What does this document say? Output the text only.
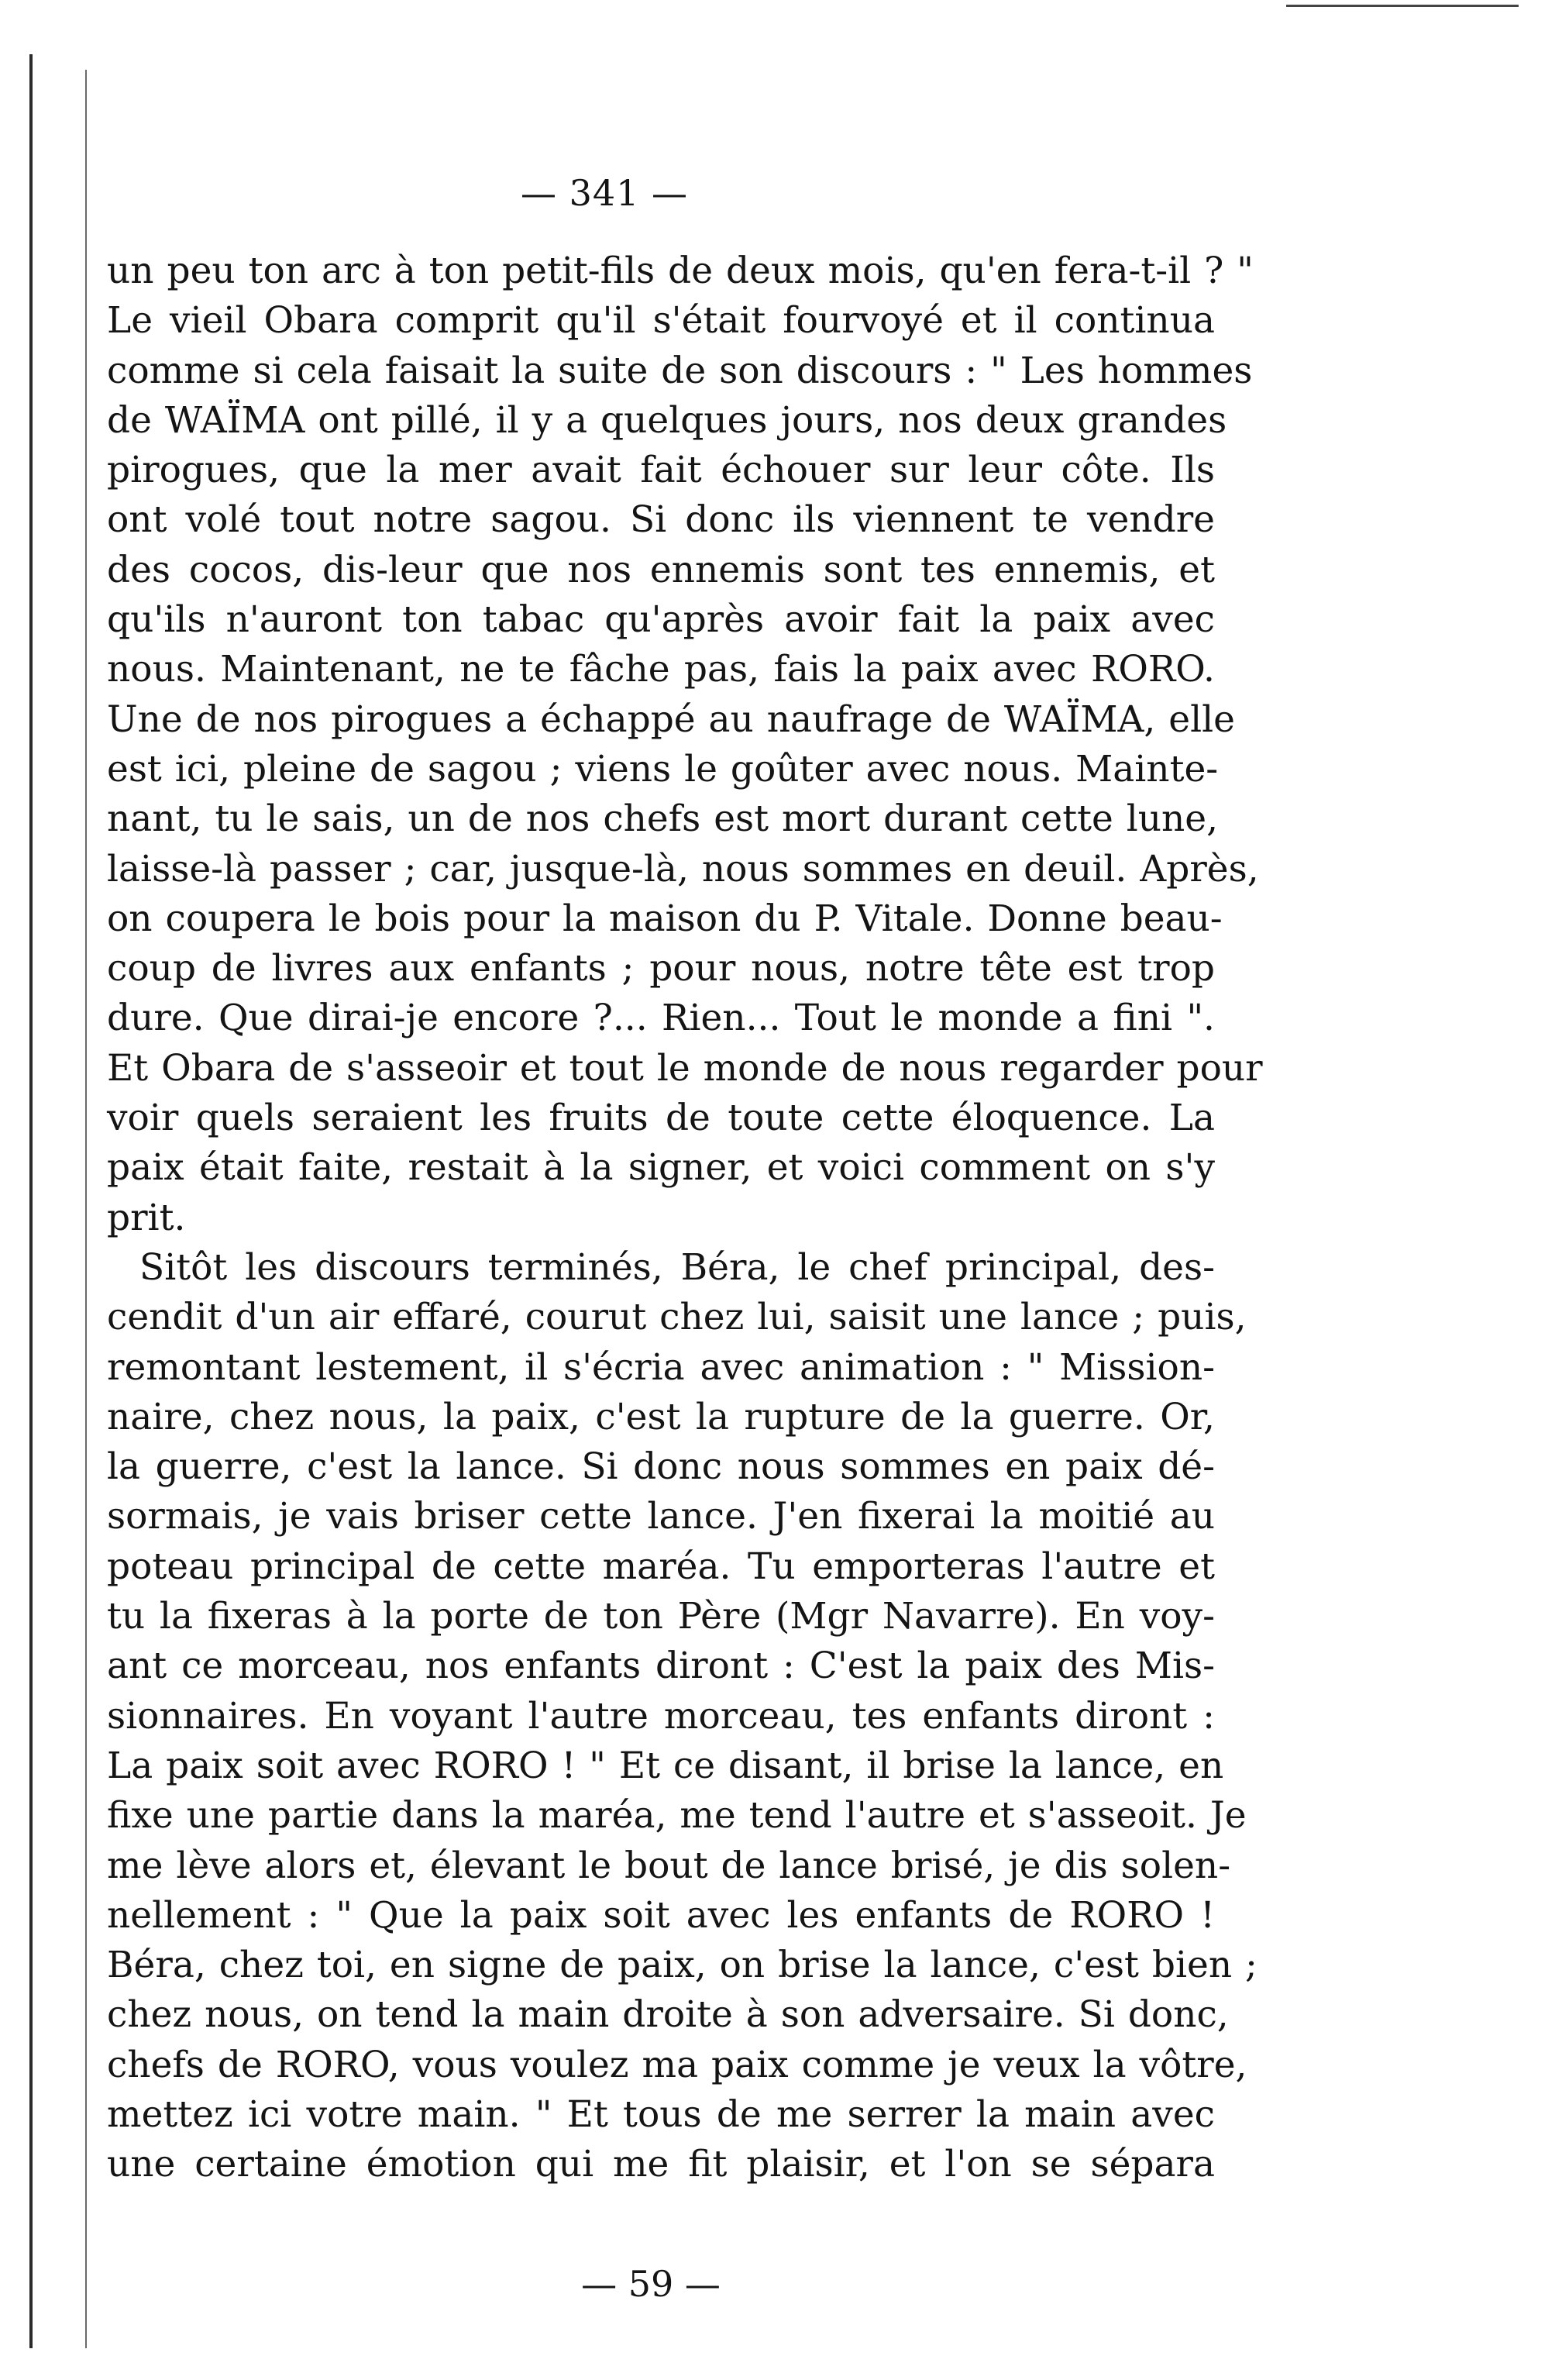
— 341 —
un peu ton arc à ton petit-fils de deux mois, qu'en fera-t-il ? "
Le vieil Obara comprit qu'il s'était fourvoyé et il continua
comme si cela faisait la suite de son discours : " Les hommes
de WAÏMA ont pillé, il y a quelques jours, nos deux grandes
pirogues, que la mer avait fait échouer sur leur côte. Ils
ont volé tout notre sagou. Si donc ils viennent te vendre
des cocos, dis-leur que nos ennemis sont tes ennemis, et
qu'ils n'auront ton tabac qu'après avoir fait la paix avec
nous. Maintenant, ne te fâche pas, fais la paix avec RORO.
Une de nos pirogues a échappé au naufrage de WAÏMA, elle
est ici, pleine de sagou ; viens le goûter avec nous. Mainte-
nant, tu le sais, un de nos chefs est mort durant cette lune,
laisse-là passer ; car, jusque-là, nous sommes en deuil. Après,
on coupera le bois pour la maison du P. Vitale. Donne beau-
coup de livres aux enfants ; pour nous, notre tête est trop
dure. Que dirai-je encore ?... Rien... Tout le monde a fini ".
Et Obara de s'asseoir et tout le monde de nous regarder pour
voir quels seraient les fruits de toute cette éloquence. La
paix était faite, restait à la signer, et voici comment on s'y
prit.
Sitôt les discours terminés, Béra, le chef principal, des-
cendit d'un air effaré, courut chez lui, saisit une lance ; puis,
remontant lestement, il s'écria avec animation : " Mission-
naire, chez nous, la paix, c'est la rupture de la guerre. Or,
la guerre, c'est la lance. Si donc nous sommes en paix dé-
sormais, je vais briser cette lance. J'en fixerai la moitié au
poteau principal de cette maréa. Tu emporteras l'autre et
tu la fixeras à la porte de ton Père (Mgr Navarre). En voy-
ant ce morceau, nos enfants diront : C'est la paix des Mis-
sionnaires. En voyant l'autre morceau, tes enfants diront :
La paix soit avec RORO ! " Et ce disant, il brise la lance, en
fixe une partie dans la maréa, me tend l'autre et s'asseoit. Je
me lève alors et, élevant le bout de lance brisé, je dis solen-
nellement : " Que la paix soit avec les enfants de RORO !
Béra, chez toi, en signe de paix, on brise la lance, c'est bien ;
chez nous, on tend la main droite à son adversaire. Si donc,
chefs de RORO, vous voulez ma paix comme je veux la vôtre,
mettez ici votre main. " Et tous de me serrer la main avec
une certaine émotion qui me fit plaisir, et l'on se sépara
— 59 —
